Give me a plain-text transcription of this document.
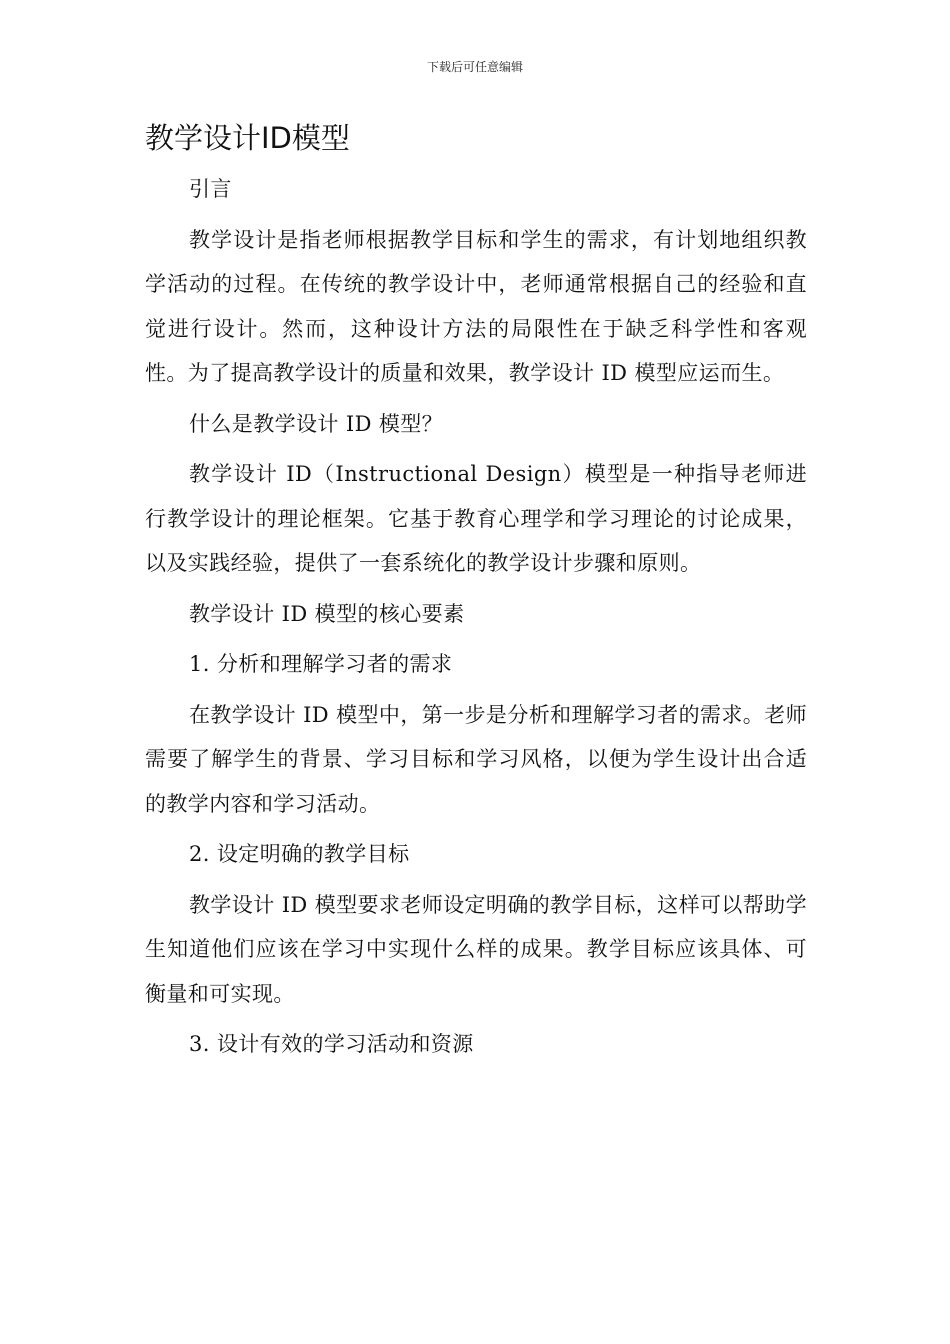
下载后可任意编辑
教学设计ID模型

引言

教学设计是指老师根据教学目标和学生的需求，有计划地组织教学活动的过程。在传统的教学设计中，老师通常根据自己的经验和直觉进行设计。然而，这种设计方法的局限性在于缺乏科学性和客观性。为了提高教学设计的质量和效果，教学设计 ID 模型应运而生。

什么是教学设计 ID 模型？

教学设计 ID（Instructional Design）模型是一种指导老师进行教学设计的理论框架。它基于教育心理学和学习理论的讨论成果，以及实践经验，提供了一套系统化的教学设计步骤和原则。

教学设计 ID 模型的核心要素

1. 分析和理解学习者的需求

在教学设计 ID 模型中，第一步是分析和理解学习者的需求。老师需要了解学生的背景、学习目标和学习风格，以便为学生设计出合适的教学内容和学习活动。

2. 设定明确的教学目标

教学设计 ID 模型要求老师设定明确的教学目标，这样可以帮助学生知道他们应该在学习中实现什么样的成果。教学目标应该具体、可衡量和可实现。

3. 设计有效的学习活动和资源
